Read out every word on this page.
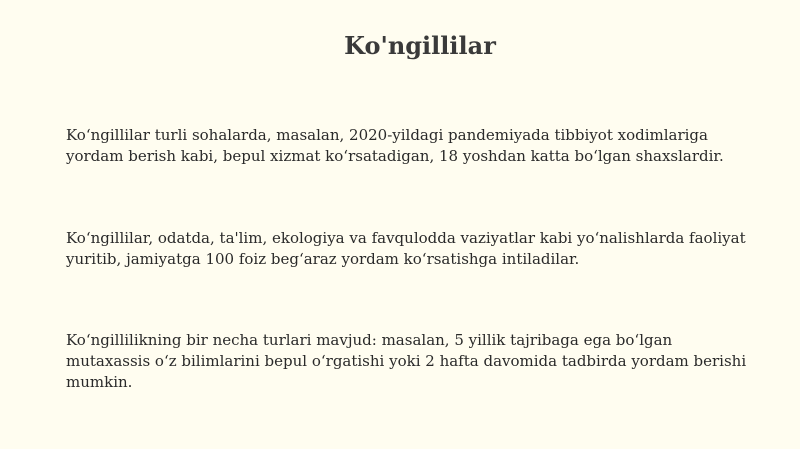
Ko'ngillilar

Ko‘ngillilar turli sohalarda, masalan, 2020-yildagi pandemiyada tibbiyot xodimlariga yordam berish kabi, bepul xizmat ko‘rsatadigan, 18 yoshdan katta bo‘lgan shaxslardir.

Ko‘ngillilar, odatda, ta'lim, ekologiya va favqulodda vaziyatlar kabi yo‘nalishlarda faoliyat yuritib, jamiyatga 100 foiz beg‘araz yordam ko‘rsatishga intiladilar.

Ko‘ngillilikning bir necha turlari mavjud: masalan, 5 yillik tajribaga ega bo‘lgan mutaxassis o‘z bilimlarini bepul o‘rgatishi yoki 2 hafta davomida tadbirda yordam berishi mumkin.
